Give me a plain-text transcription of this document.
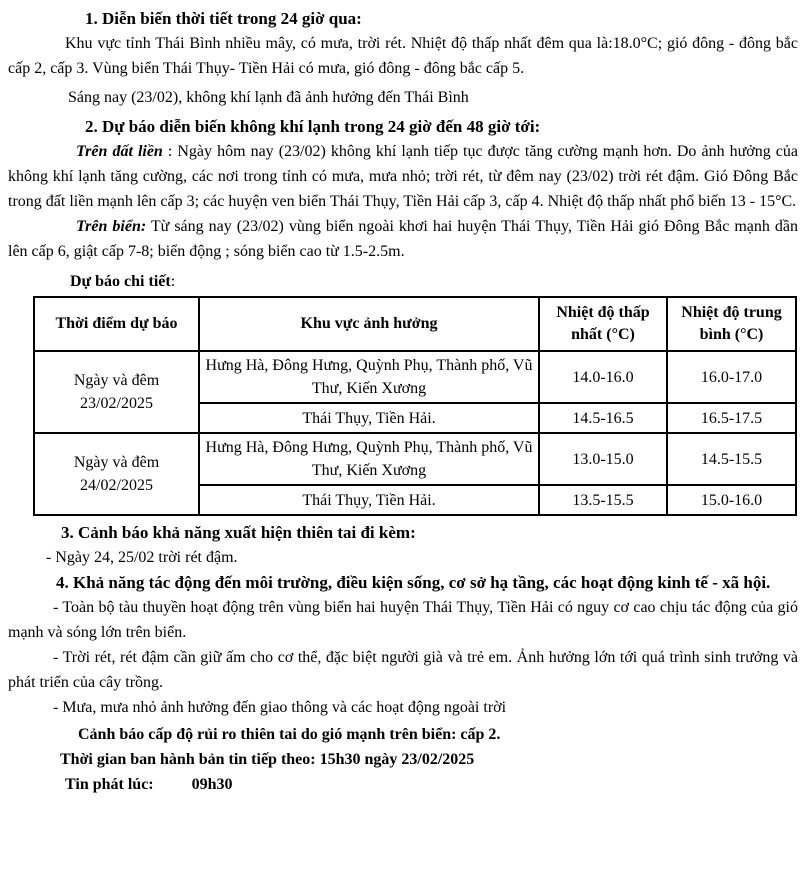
1. Diễn biến thời tiết trong 24 giờ qua:

Khu vực tỉnh Thái Bình nhiều mây, có mưa, trời rét. Nhiệt độ thấp nhất đêm qua là:18.0°C; gió đông - đông bắc cấp 2, cấp 3. Vùng biển Thái Thụy- Tiền Hải có mưa, gió đông - đông bắc cấp 5.

Sáng nay (23/02), không khí lạnh đã ảnh hưởng đến Thái Bình

2. Dự báo diễn biến không khí lạnh trong 24 giờ đến 48 giờ tới:

Trên đất liền : Ngày hôm nay (23/02) không khí lạnh tiếp tục được tăng cường mạnh hơn. Do ảnh hưởng của không khí lạnh tăng cường, các nơi trong tỉnh có mưa, mưa nhỏ; trời rét, từ đêm nay (23/02) trời rét đậm. Gió Đông Bắc trong đất liền mạnh lên cấp 3; các huyện ven biển Thái Thụy, Tiền Hải cấp 3, cấp 4. Nhiệt độ thấp nhất phổ biến 13 - 15°C.

Trên biển: Từ sáng nay (23/02) vùng biển ngoài khơi hai huyện Thái Thụy, Tiền Hải gió Đông Bắc mạnh dần lên cấp 6, giật cấp 7-8; biển động ; sóng biển cao từ 1.5-2.5m.

Dự báo chi tiết:

Thời điểm dự báo	Khu vực ảnh hưởng	Nhiệt độ thấp nhất (°C)	Nhiệt độ trung bình (°C)
Ngày và đêm 23/02/2025	Hưng Hà, Đông Hưng, Quỳnh Phụ, Thành phố, Vũ Thư, Kiến Xương	14.0-16.0	16.0-17.0
	Thái Thụy, Tiền Hải.	14.5-16.5	16.5-17.5
Ngày và đêm 24/02/2025	Hưng Hà, Đông Hưng, Quỳnh Phụ, Thành phố, Vũ Thư, Kiến Xương	13.0-15.0	14.5-15.5
	Thái Thụy, Tiền Hải.	13.5-15.5	15.0-16.0

3. Cảnh báo khả năng xuất hiện thiên tai đi kèm:

- Ngày 24, 25/02 trời rét đậm.

4. Khả năng tác động đến môi trường, điều kiện sống, cơ sở hạ tầng, các hoạt động kinh tế - xã hội.

- Toàn bộ tàu thuyền hoạt động trên vùng biển hai huyện Thái Thụy, Tiền Hải có nguy cơ cao chịu tác động của gió mạnh và sóng lớn trên biển.

- Trời rét, rét đậm cần giữ ấm cho cơ thể, đặc biệt người già và trẻ em. Ảnh hưởng lớn tới quá trình sinh trưởng và phát triển của cây trồng.

- Mưa, mưa nhỏ ảnh hưởng đến giao thông và các hoạt động ngoài trời

Cảnh báo cấp độ rủi ro thiên tai do gió mạnh trên biển: cấp 2.

Thời gian ban hành bản tin tiếp theo: 15h30 ngày 23/02/2025

Tin phát lúc: 09h30
